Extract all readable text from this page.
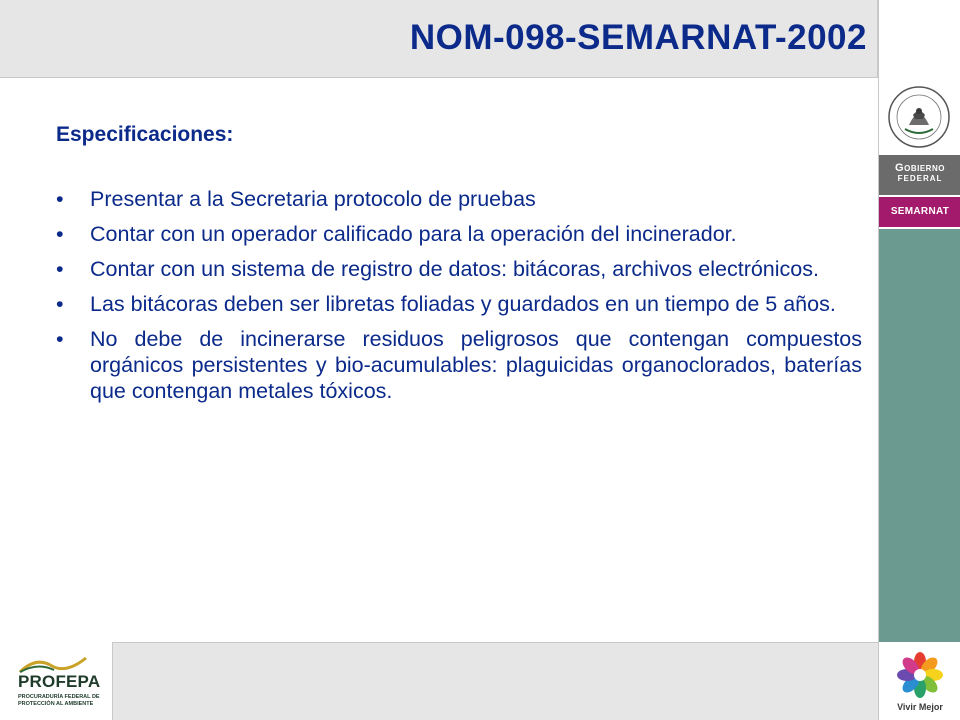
NOM-098-SEMARNAT-2002
Gobierno
FEDERAL
SEMARNAT
Vivir Mejor
PROFEPA
PROCURADURÍA FEDERAL DE PROTECCIÓN AL AMBIENTE
Especificaciones:
• Presentar a la Secretaria protocolo de pruebas
• Contar con un operador calificado para la operación del incinerador.
• Contar con un sistema de registro de datos: bitácoras, archivos electrónicos.
• Las bitácoras deben ser libretas foliadas y guardados en un tiempo de 5 años.
• No debe de incinerarse residuos peligrosos que contengan compuestos orgánicos persistentes y bio-acumulables: plaguicidas organoclorados, baterías que contengan metales tóxicos.
